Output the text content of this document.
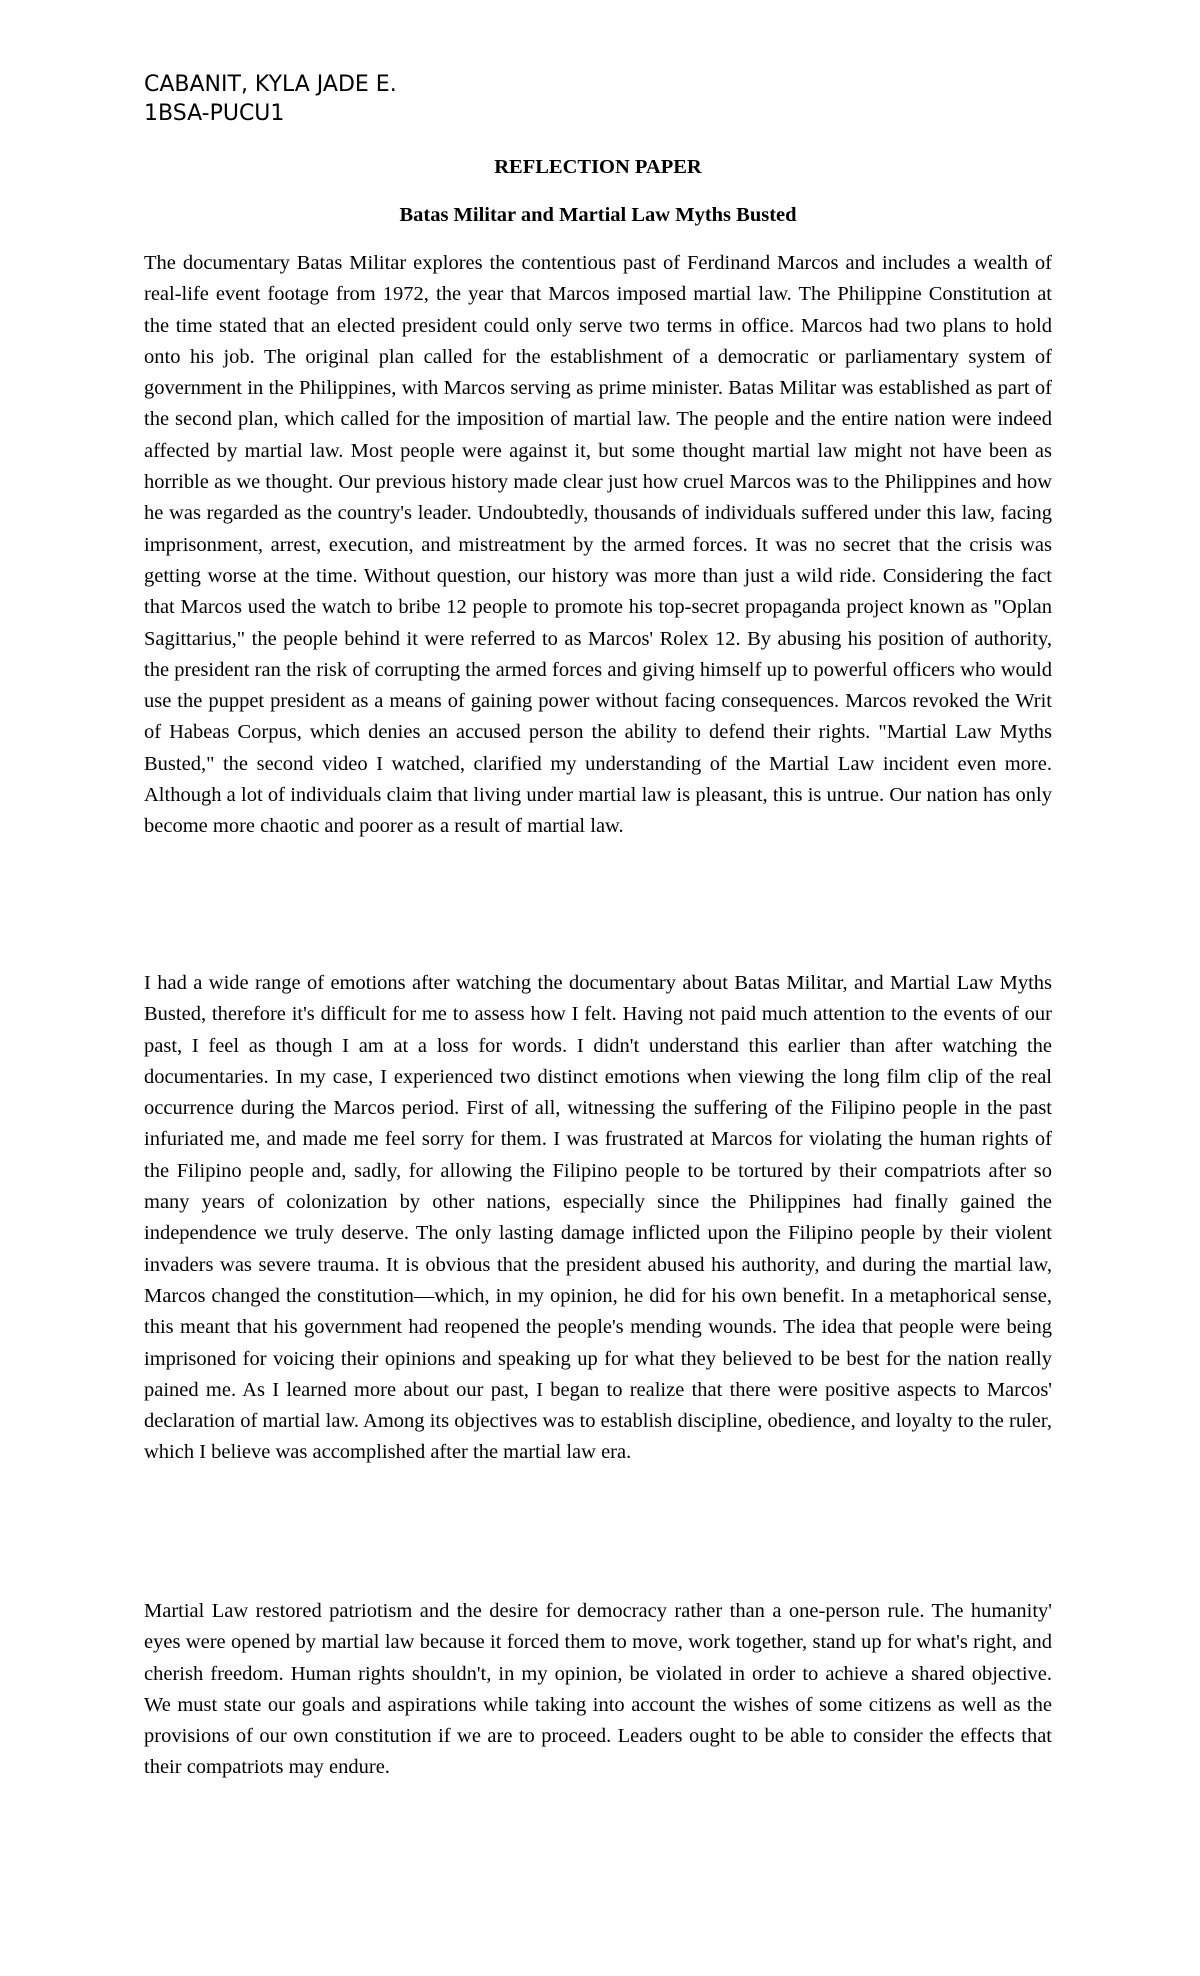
CABANIT, KYLA JADE E.
1BSA-PUCU1
REFLECTION PAPER
Batas Militar and Martial Law Myths Busted

The documentary Batas Militar explores the contentious past of Ferdinand Marcos and includes a wealth of real-life event footage from 1972, the year that Marcos imposed martial law. The Philippine Constitution at the time stated that an elected president could only serve two terms in office. Marcos had two plans to hold onto his job. The original plan called for the establishment of a democratic or parliamentary system of government in the Philippines, with Marcos serving as prime minister. Batas Militar was established as part of the second plan, which called for the imposition of martial law. The people and the entire nation were indeed affected by martial law. Most people were against it, but some thought martial law might not have been as horrible as we thought. Our previous history made clear just how cruel Marcos was to the Philippines and how he was regarded as the country's leader. Undoubtedly, thousands of individuals suffered under this law, facing imprisonment, arrest, execution, and mistreatment by the armed forces. It was no secret that the crisis was getting worse at the time. Without question, our history was more than just a wild ride. Considering the fact that Marcos used the watch to bribe 12 people to promote his top-secret propaganda project known as "Oplan Sagittarius," the people behind it were referred to as Marcos' Rolex 12. By abusing his position of authority, the president ran the risk of corrupting the armed forces and giving himself up to powerful officers who would use the puppet president as a means of gaining power without facing consequences. Marcos revoked the Writ of Habeas Corpus, which denies an accused person the ability to defend their rights. "Martial Law Myths Busted," the second video I watched, clarified my understanding of the Martial Law incident even more. Although a lot of individuals claim that living under martial law is pleasant, this is untrue. Our nation has only become more chaotic and poorer as a result of martial law.

I had a wide range of emotions after watching the documentary about Batas Militar, and Martial Law Myths Busted, therefore it's difficult for me to assess how I felt. Having not paid much attention to the events of our past, I feel as though I am at a loss for words. I didn't understand this earlier than after watching the documentaries. In my case, I experienced two distinct emotions when viewing the long film clip of the real occurrence during the Marcos period. First of all, witnessing the suffering of the Filipino people in the past infuriated me, and made me feel sorry for them. I was frustrated at Marcos for violating the human rights of the Filipino people and, sadly, for allowing the Filipino people to be tortured by their compatriots after so many years of colonization by other nations, especially since the Philippines had finally gained the independence we truly deserve. The only lasting damage inflicted upon the Filipino people by their violent invaders was severe trauma. It is obvious that the president abused his authority, and during the martial law, Marcos changed the constitution—which, in my opinion, he did for his own benefit. In a metaphorical sense, this meant that his government had reopened the people's mending wounds. The idea that people were being imprisoned for voicing their opinions and speaking up for what they believed to be best for the nation really pained me. As I learned more about our past, I began to realize that there were positive aspects to Marcos' declaration of martial law. Among its objectives was to establish discipline, obedience, and loyalty to the ruler, which I believe was accomplished after the martial law era.

Martial Law restored patriotism and the desire for democracy rather than a one-person rule. The humanity' eyes were opened by martial law because it forced them to move, work together, stand up for what's right, and cherish freedom. Human rights shouldn't, in my opinion, be violated in order to achieve a shared objective. We must state our goals and aspirations while taking into account the wishes of some citizens as well as the provisions of our own constitution if we are to proceed. Leaders ought to be able to consider the effects that their compatriots may endure.
